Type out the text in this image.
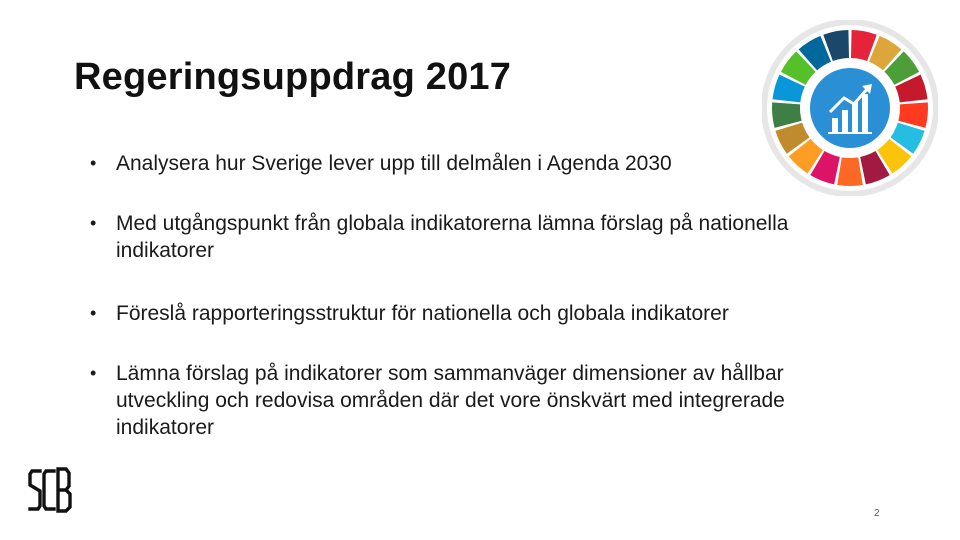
Regeringsuppdrag 2017
• Analysera hur Sverige lever upp till delmålen i Agenda 2030
• Med utgångspunkt från globala indikatorerna lämna förslag på nationella indikatorer
• Föreslå rapporteringsstruktur för nationella och globala indikatorer
• Lämna förslag på indikatorer som sammanväger dimensioner av hållbar utveckling och redovisa områden där det vore önskvärt med integrerade indikatorer
2
